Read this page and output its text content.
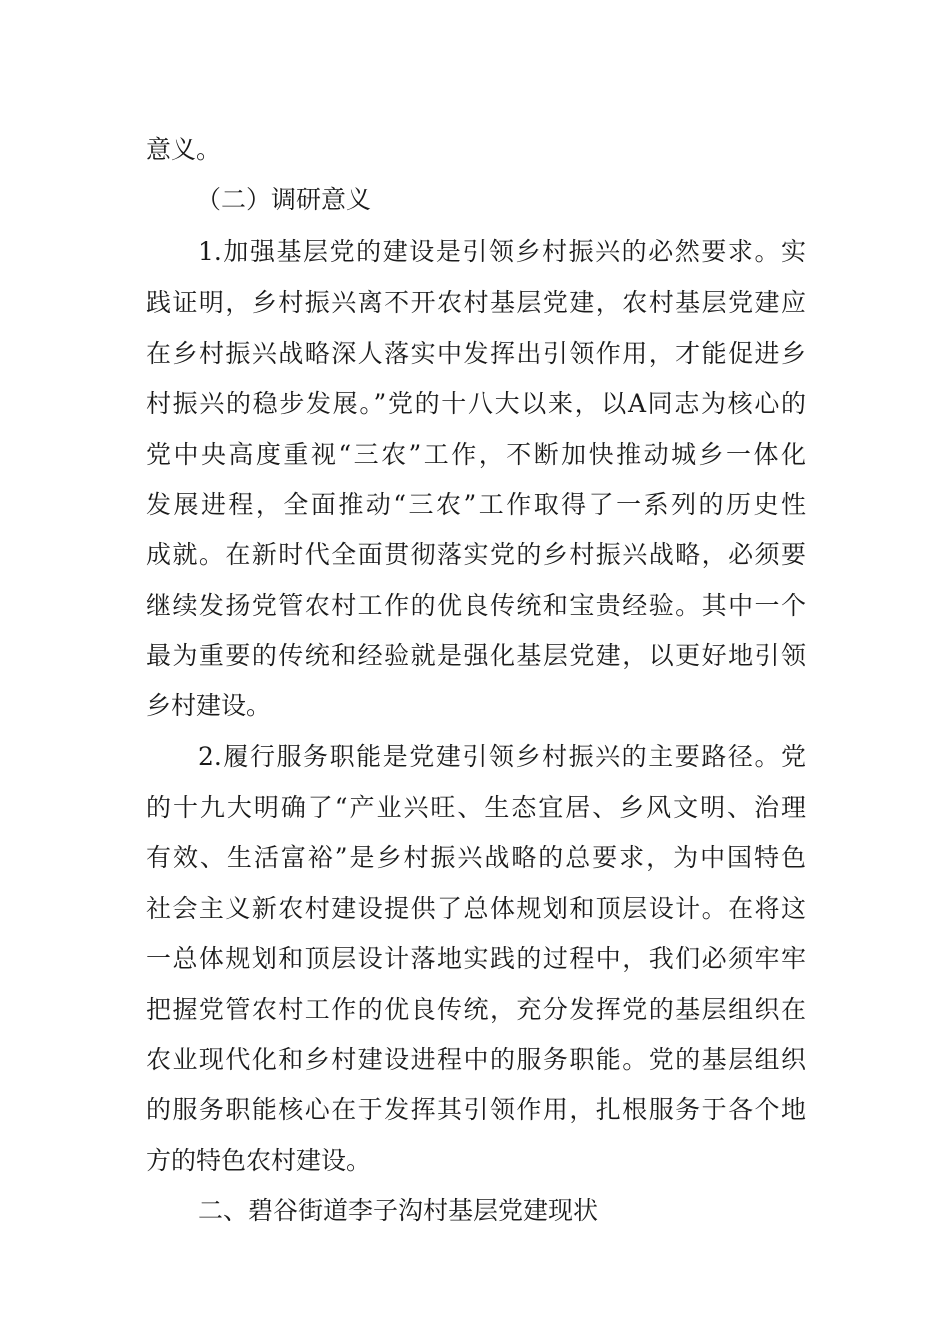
意义。
（二）调研意义
1.加强基层党的建设是引领乡村振兴的必然要求。实
践证明，乡村振兴离不开农村基层党建，农村基层党建应
在乡村振兴战略深人落实中发挥出引领作用，才能促进乡
村振兴的稳步发展。”党的十八大以来，以A同志为核心的
党中央高度重视“三农”工作，不断加快推动城乡一体化
发展进程，全面推动“三农”工作取得了一系列的历史性
成就。在新时代全面贯彻落实党的乡村振兴战略，必须要
继续发扬党管农村工作的优良传统和宝贵经验。其中一个
最为重要的传统和经验就是强化基层党建，以更好地引领
乡村建设。
2.履行服务职能是党建引领乡村振兴的主要路径。党
的十九大明确了“产业兴旺、生态宜居、乡风文明、治理
有效、生活富裕”是乡村振兴战略的总要求，为中国特色
社会主义新农村建设提供了总体规划和顶层设计。在将这
一总体规划和顶层设计落地实践的过程中，我们必须牢牢
把握党管农村工作的优良传统，充分发挥党的基层组织在
农业现代化和乡村建设进程中的服务职能。党的基层组织
的服务职能核心在于发挥其引领作用，扎根服务于各个地
方的特色农村建设。
二、碧谷街道李子沟村基层党建现状
